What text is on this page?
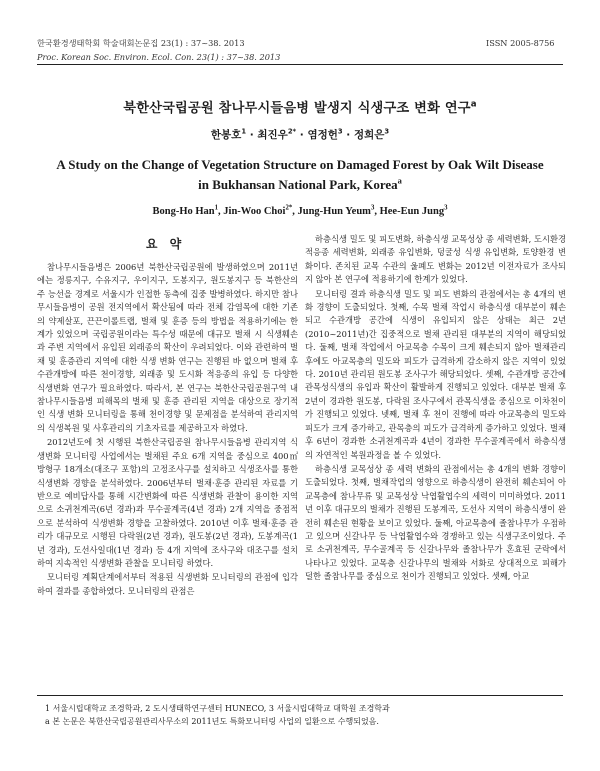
한국환경생태학회 학술대회논문집 23(1) : 37~38. 2013
Proc. Korean Soc. Environ. Ecol. Con. 23(1) : 37~38. 2013
ISSN 2005-8756
북한산국립공원 참나무시들음병 발생지 식생구조 변화 연구$^a$
한봉호$^1$ · 최진우$^{2*}$ · 염정헌$^3$ · 정희은$^3$
A Study on the Change of Vegetation Structure on Damaged Forest by Oak Wilt Disease
in Bukhansan National Park, Korea$^a$
Bong-Ho Han$^1$, Jin-Woo Choi$^{2*}$, Jung-Hun Yeum$^3$, Hee-Eun Jung$^3$
요 약

참나무시들음병은 2006년 북한산국립공원에 발생하였으며 2011년에는 정릉지구, 수유지구, 우이지구, 도봉지구, 원도봉지구 등 북한산의 주 능선을 경계로 서울시가 인접한 동측에 집중 발병하였다. 하지만 참나무시들음병이 공원 전지역에서 확산됨에 따라 전체 감염목에 대한 기존의 약제살포, 끈끈이롤트랩, 벌채 및 훈증 등의 방법을 적용하기에는 한계가 있었으며 국립공원이라는 특수성 때문에 대규모 벌채 시 식생훼손과 주변 지역에서 유입된 외래종의 확산이 우려되었다. 이와 관련하여 벌채 및 훈증관리 지역에 대한 식생 변화 연구는 진행된 바 없으며 벌채 후 수관개방에 따른 천이경향, 외래종 및 도시화 적응종의 유입 등 다양한 식생변화 연구가 필요하였다. 따라서, 본 연구는 북한산국립공원구역 내 참나무시들음병 피해목의 벌채 및 훈증 관리된 지역을 대상으로 장기적인 식생 변화 모니터링을 통해 천이경향 및 문제점을 분석하여 관리지역의 식생복원 및 사후관리의 기초자료를 제공하고자 하였다.

2012년도에 첫 시행된 북한산국립공원 참나무시들음병 관리지역 식생변화 모니터링 사업에서는 벌채된 주요 6개 지역을 중심으로 400㎡ 방형구 18개소(대조구 포함)의 고정조사구를 설치하고 식생조사를 통한 식생변화 경향을 분석하였다. 2006년부터 벌채·훈증 관리된 자료를 기반으로 예비답사를 통해 시간변화에 따른 식생변화 관찰이 용이한 지역으로 소귀천계곡(6년 경과)과 무수골계곡(4년 경과) 2개 지역을 중점적으로 분석하여 식생변화 경향을 고찰하였다. 2010년 이후 벌채·훈증 관리가 대규모로 시행된 다락원(2년 경과), 원도봉(2년 경과), 도봉계곡(1년 경과), 도선사일대(1년 경과) 등 4개 지역에 조사구와 대조구를 설치하여 지속적인 식생변화 관찰을 모니터링 하였다.

모니터링 계획단계에서부터 적용된 식생변화 모니터링의 관점에 입각하여 결과를 종합하였다. 모니터링의 관점은

하층식생 밀도 및 피도변화, 하층식생 교목성상 종 세력변화, 도시환경 적응종 세력변화, 외래종 유입변화, 덩굴성 식생 유입변화, 토양환경 변화이다. 존치된 교목 수관의 울폐도 변화는 2012년 이전자료가 조사되지 않아 본 연구에 적용하기에 한계가 있었다.

모니터링 결과 하층식생 밀도 및 피도 변화의 관점에서는 총 4개의 변화 경향이 도출되었다. 첫째, 수목 벌채 작업시 하층식생 대부분이 훼손되고 수관개방 공간에 식생이 유입되지 않은 상태는 최근 2년(2010~2011년)간 집중적으로 벌채 관리된 대부분의 지역이 해당되었다. 둘째, 벌채 작업에서 아교목층 수목이 크게 훼손되지 않아 벌채관리 후에도 아교목층의 밀도와 피도가 급격하게 감소하지 않은 지역이 있었다. 2010년 관리된 원도봉 조사구가 해당되었다. 셋째, 수관개방 공간에 관목성식생의 유입과 확산이 활발하게 진행되고 있었다. 대부분 벌채 후 2년이 경과한 원도봉, 다락원 조사구에서 관목식생을 중심으로 이차천이가 진행되고 있었다. 넷째, 벌채 후 천이 진행에 따라 아교목층의 밀도와 피도가 크게 증가하고, 관목층의 피도가 급격하게 증가하고 있었다. 벌채 후 6년이 경과한 소귀천계곡과 4년이 경과한 무수골계곡에서 하층식생의 자연적인 복원과정을 볼 수 있었다.

하층식생 교목성상 종 세력 변화의 관점에서는 총 4개의 변화 경향이 도출되었다. 첫째, 벌채작업의 영향으로 하층식생이 완전히 훼손되어 아교목층에 참나무류 및 교목성상 낙엽활엽수의 세력이 미미하였다. 2011년 이후 대규모의 벌채가 진행된 도봉계곡, 도선사 지역이 하층식생이 완전히 훼손된 현황을 보이고 있었다. 둘째, 아교목층에 졸참나무가 우점하고 있으며 신갈나무 등 낙엽활엽수와 경쟁하고 있는 식생구조이었다. 주로 소귀천계곡, 무수골계곡 등 신갈나무와 졸참나무가 혼효된 군락에서 나타나고 있었다. 교목층 신갈나무의 벌채와 서화로 상대적으로 피해가 덜한 졸참나무를 중심으로 천이가 진행되고 있었다. 셋째, 아교

1 서울시립대학교 조경학과, 2 도시생태학연구센터 HUNECO, 3 서울시립대학교 대학원 조경학과
a 본 논문은 북한산국립공원관리사무소의 2011년도 특화모니터링 사업의 일환으로 수행되었음.
